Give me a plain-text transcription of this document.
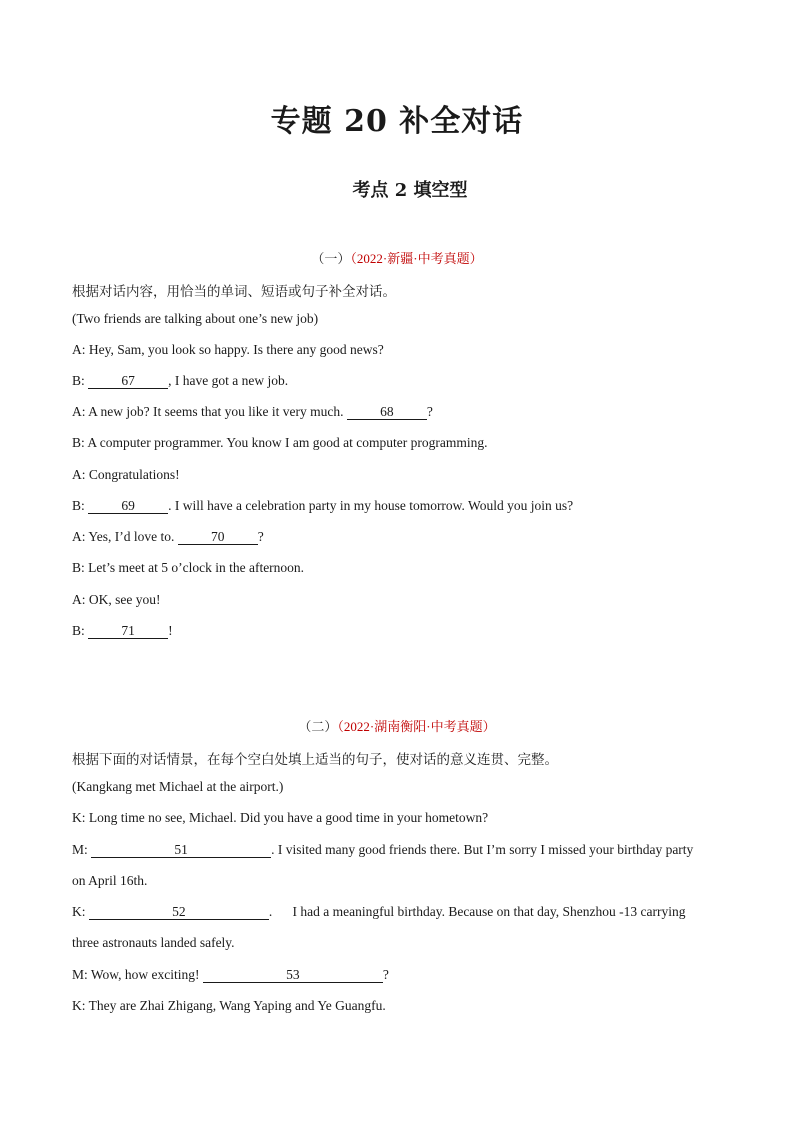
专题 20 补全对话
考点 2 填空型
（一）（2022·新疆·中考真题）
根据对话内容，用恰当的单词、短语或句子补全对话。
(Two friends are talking about one’s new job)
A: Hey, Sam, you look so happy. Is there any good news?
B: 67 , I have got a new job.
A: A new job? It seems that you like it very much. 68 ?
B: A computer programmer. You know I am good at computer programming.
A: Congratulations!
B: 69 . I will have a celebration party in my house tomorrow. Would you join us?
A: Yes, I’d love to. 70 ?
B: Let’s meet at 5 o’clock in the afternoon.
A: OK, see you!
B: 71 !
（二）（2022·湖南衡阳·中考真题）
根据下面的对话情景，在每个空白处填上适当的句子，使对话的意义连贯、完整。
(Kangkang met Michael at the airport.)
K: Long time no see, Michael. Did you have a good time in your hometown?
M:	51	. I visited many good friends there. But I’m sorry I missed your birthday party
on April 16th.
K:	52	.      I had a meaningful birthday. Because on that day, Shenzhou -13 carrying
three astronauts landed safely.
M: Wow, how exciting!	53	?
K: They are Zhai Zhigang, Wang Yaping and Ye Guangfu.
